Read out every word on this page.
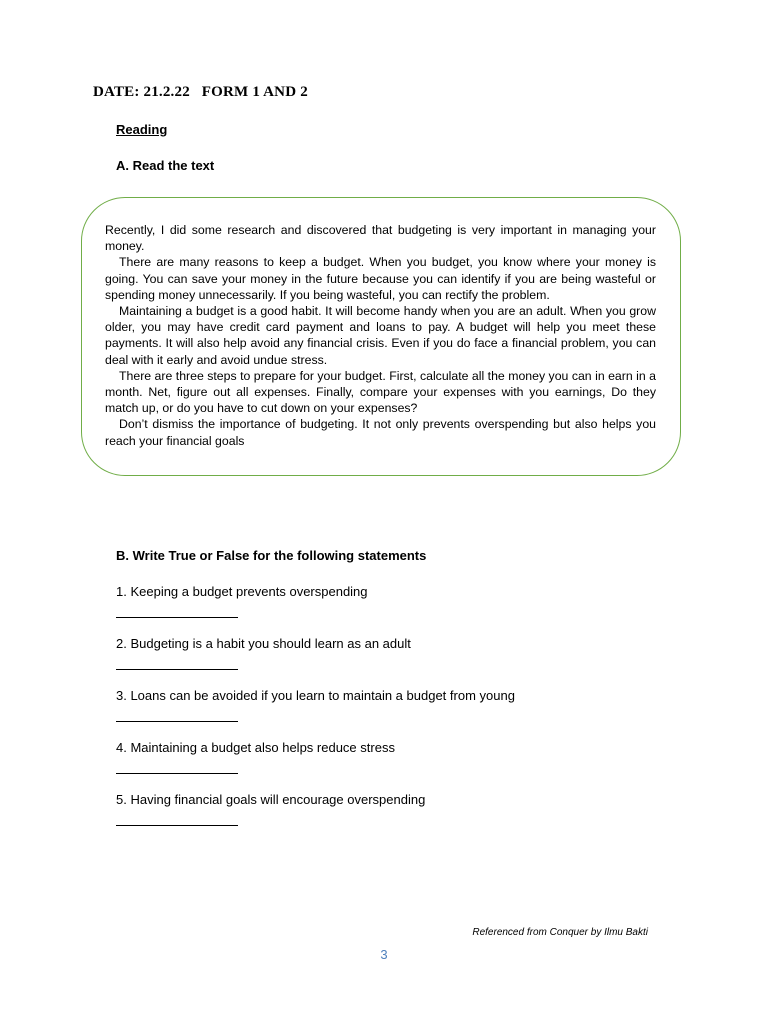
DATE: 21.2.22   FORM 1 AND 2
Reading
A. Read the text

Recently, I did some research and discovered that budgeting is very important in managing your money.

There are many reasons to keep a budget. When you budget, you know where your money is going. You can save your money in the future because you can identify if you are being wasteful or spending money unnecessarily. If you being wasteful, you can rectify the problem.

Maintaining a budget is a good habit. It will become handy when you are an adult. When you grow older, you may have credit card payment and loans to pay. A budget will help you meet these payments. It will also help avoid any financial crisis. Even if you do face a financial problem, you can deal with it early and avoid undue stress.

There are three steps to prepare for your budget. First, calculate all the money you can in earn in a month. Net, figure out all expenses. Finally, compare your expenses with you earnings, Do they match up, or do you have to cut down on your expenses?

Don’t dismiss the importance of budgeting. It not only prevents overspending but also helps you reach your financial goals

B. Write True or False for the following statements
1. Keeping a budget prevents overspending
2. Budgeting is a habit you should learn as an adult
3. Loans can be avoided if you learn to maintain a budget from young
4. Maintaining a budget also helps reduce stress
5. Having financial goals will encourage overspending
Referenced from Conquer by Ilmu Bakti
3
